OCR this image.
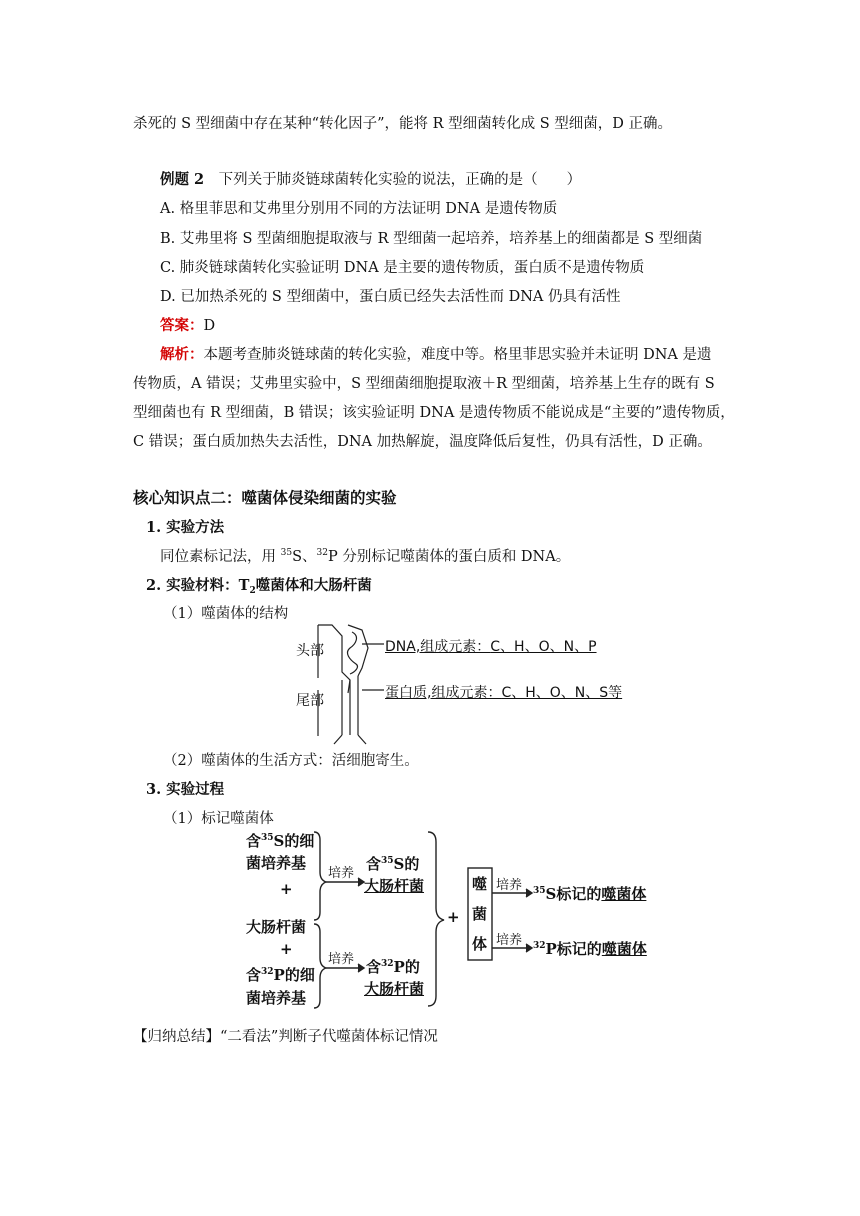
杀死的 S 型细菌中存在某种“转化因子”，能将 R 型细菌转化成 S 型细菌，D 正确。
例题 2　 下列关于肺炎链球菌转化实验的说法，正确的是（　　）
A. 格里菲思和艾弗里分别用不同的方法证明 DNA 是遗传物质
B. 艾弗里将 S 型菌细胞提取液与 R 型细菌一起培养，培养基上的细菌都是 S 型细菌
C. 肺炎链球菌转化实验证明 DNA 是主要的遗传物质，蛋白质不是遗传物质
D. 已加热杀死的 S 型细菌中，蛋白质已经失去活性而 DNA 仍具有活性
答案：D
解析：本题考查肺炎链球菌的转化实验，难度中等。格里菲思实验并未证明 DNA 是遗
传物质，A 错误；艾弗里实验中，S 型细菌细胞提取液＋R 型细菌，培养基上生存的既有 S
型细菌也有 R 型细菌，B 错误；该实验证明 DNA 是遗传物质不能说成是“主要的”遗传物质，
C 错误；蛋白质加热失去活性，DNA 加热解旋，温度降低后复性，仍具有活性，D 正确。
核心知识点二：噬菌体侵染细菌的实验
1. 实验方法
同位素标记法，用 $^{35}$S、$^{32}$P 分别标记噬菌体的蛋白质和 DNA。
2. 实验材料：$T_2$噬菌体和大肠杆菌
（1）噬菌体的结构
头部
尾部
DNA,组成元素：C、H、O、N、P
蛋白质,组成元素：C、H、O、N、S等
（2）噬菌体的生活方式：活细胞寄生。
3. 实验过程
（1）标记噬菌体
含$^{35}$S的细
菌培养基
+
大肠杆菌
+
含$^{32}$P的细
菌培养基
培养
培养
含$^{35}$S的
大肠杆菌
含$^{32}$P的
大肠杆菌
+
噬
菌
体
培养
培养
$^{35}$S标记的噬菌体
$^{32}$P标记的噬菌体
【归纳总结】“二看法”判断子代噬菌体标记情况
